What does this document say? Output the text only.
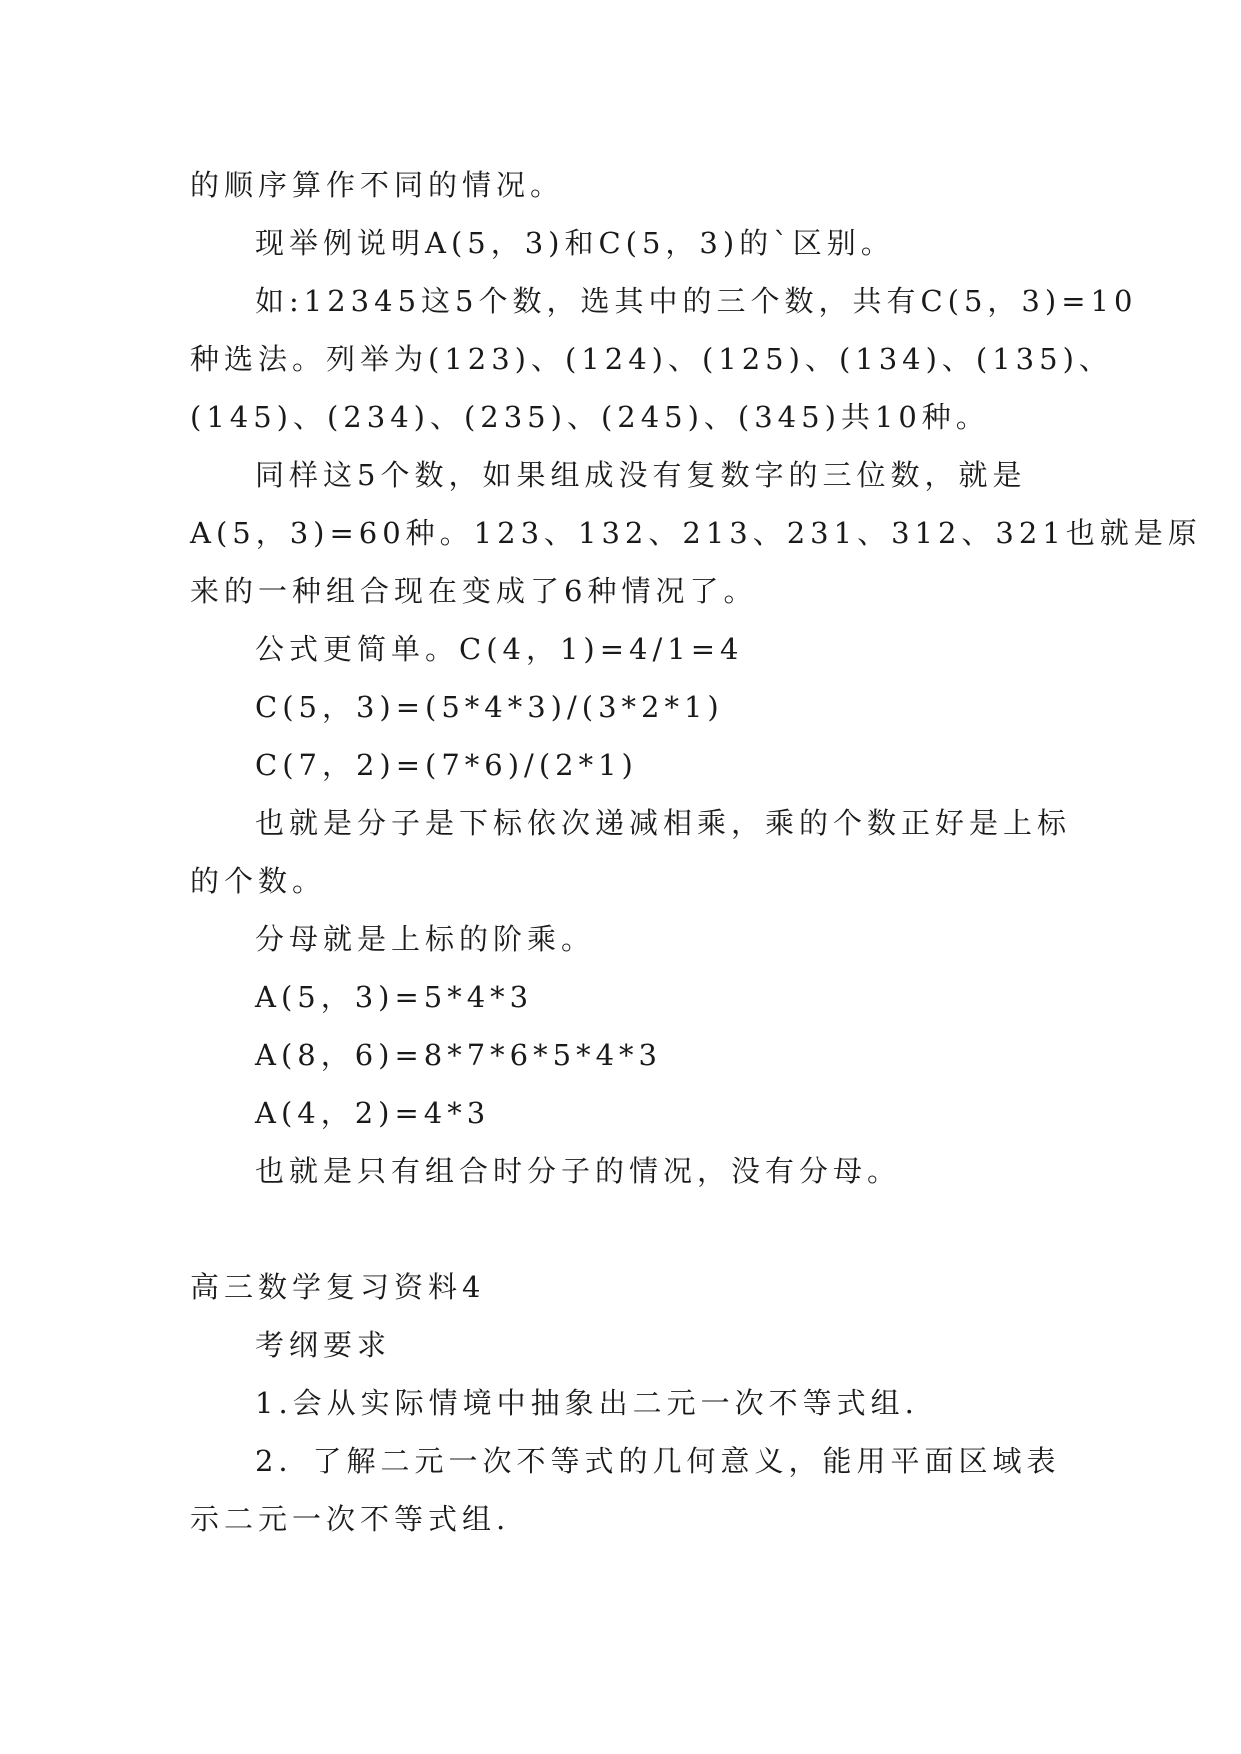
的顺序算作不同的情况。
现举例说明A(5，3)和C(5，3)的`区别。
如:12345这5个数，选其中的三个数，共有C(5，3)=10
种选法。列举为(123)、(124)、(125)、(134)、(135)、
(145)、(234)、(235)、(245)、(345)共10种。
同样这5个数，如果组成没有复数字的三位数，就是
A(5，3)=60种。123、132、213、231、312、321也就是原
来的一种组合现在变成了6种情况了。
公式更简单。C(4，1)=4/1=4
C(5，3)=(5*4*3)/(3*2*1)
C(7，2)=(7*6)/(2*1)
也就是分子是下标依次递减相乘，乘的个数正好是上标
的个数。
分母就是上标的阶乘。
A(5，3)=5*4*3
A(8，6)=8*7*6*5*4*3
A(4，2)=4*3
也就是只有组合时分子的情况，没有分母。
高三数学复习资料4
考纲要求
1.会从实际情境中抽象出二元一次不等式组.
2．了解二元一次不等式的几何意义，能用平面区域表
示二元一次不等式组.
